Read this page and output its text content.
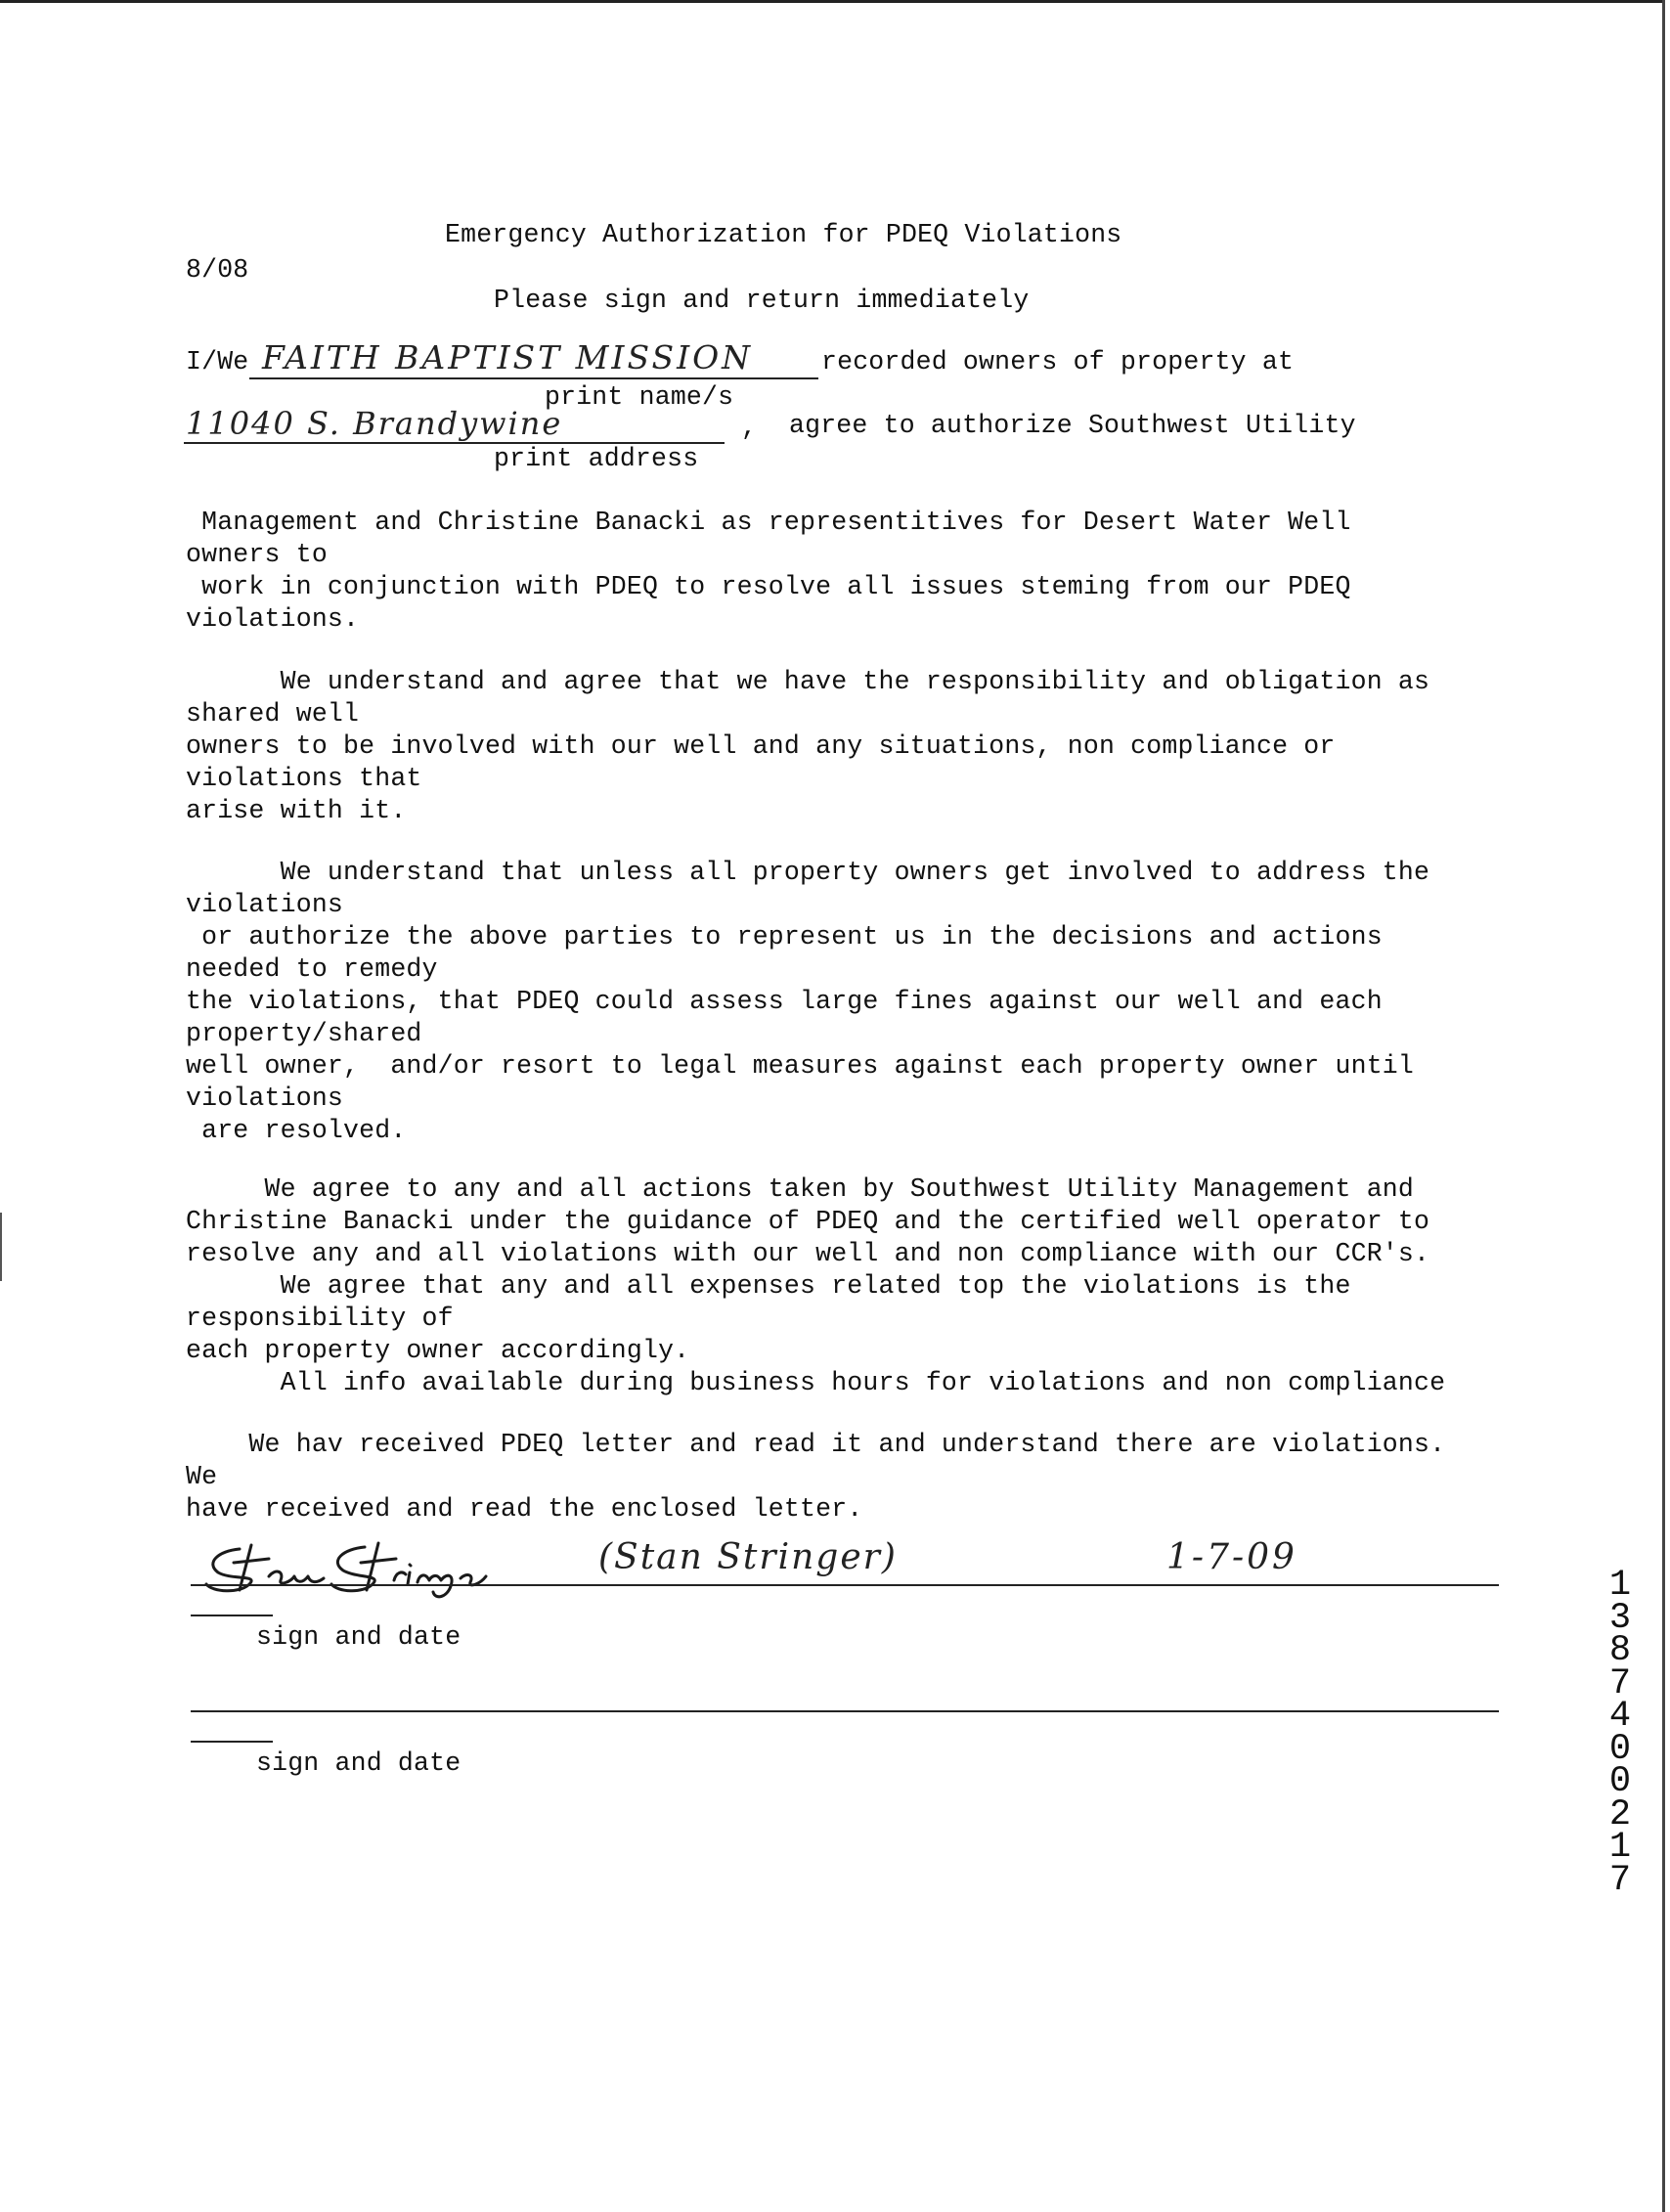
Emergency Authorization for PDEQ Violations
8/08
Please sign and return immediately
I/We FAITH BAPTIST MISSION	recorded owners of property at
print name/s
11040 S. Brandywine	, agree to authorize Southwest Utility
print address
Management and Christine Banacki as representitives for Desert Water Well
owners to
work in conjunction with PDEQ to resolve all issues steming from our PDEQ
violations.
We understand and agree that we have the responsibility and obligation as
shared well
owners to be involved with our well and any situations, non compliance or
violations that
arise with it.
We understand that unless all property owners get involved to address the
violations
or authorize the above parties to represent us in the decisions and actions
needed to remedy
the violations, that PDEQ could assess large fines against our well and each
property/shared
well owner,  and/or resort to legal measures against each property owner until
violations
are resolved.
We agree to any and all actions taken by Southwest Utility Management and
Christine Banacki under the guidance of PDEQ and the certified well operator to
resolve any and all violations with our well and non compliance with our CCR's.
We agree that any and all expenses related top the violations is the
responsibility of
each property owner accordingly.
All info available during business hours for violations and non compliance
We hav received PDEQ letter and read it and understand there are violations.
We
have received and read the enclosed letter.
(Stan Stringer)	1-7-09
sign and date
sign and date
1
3
8
7
4
0
0
2
1
7
